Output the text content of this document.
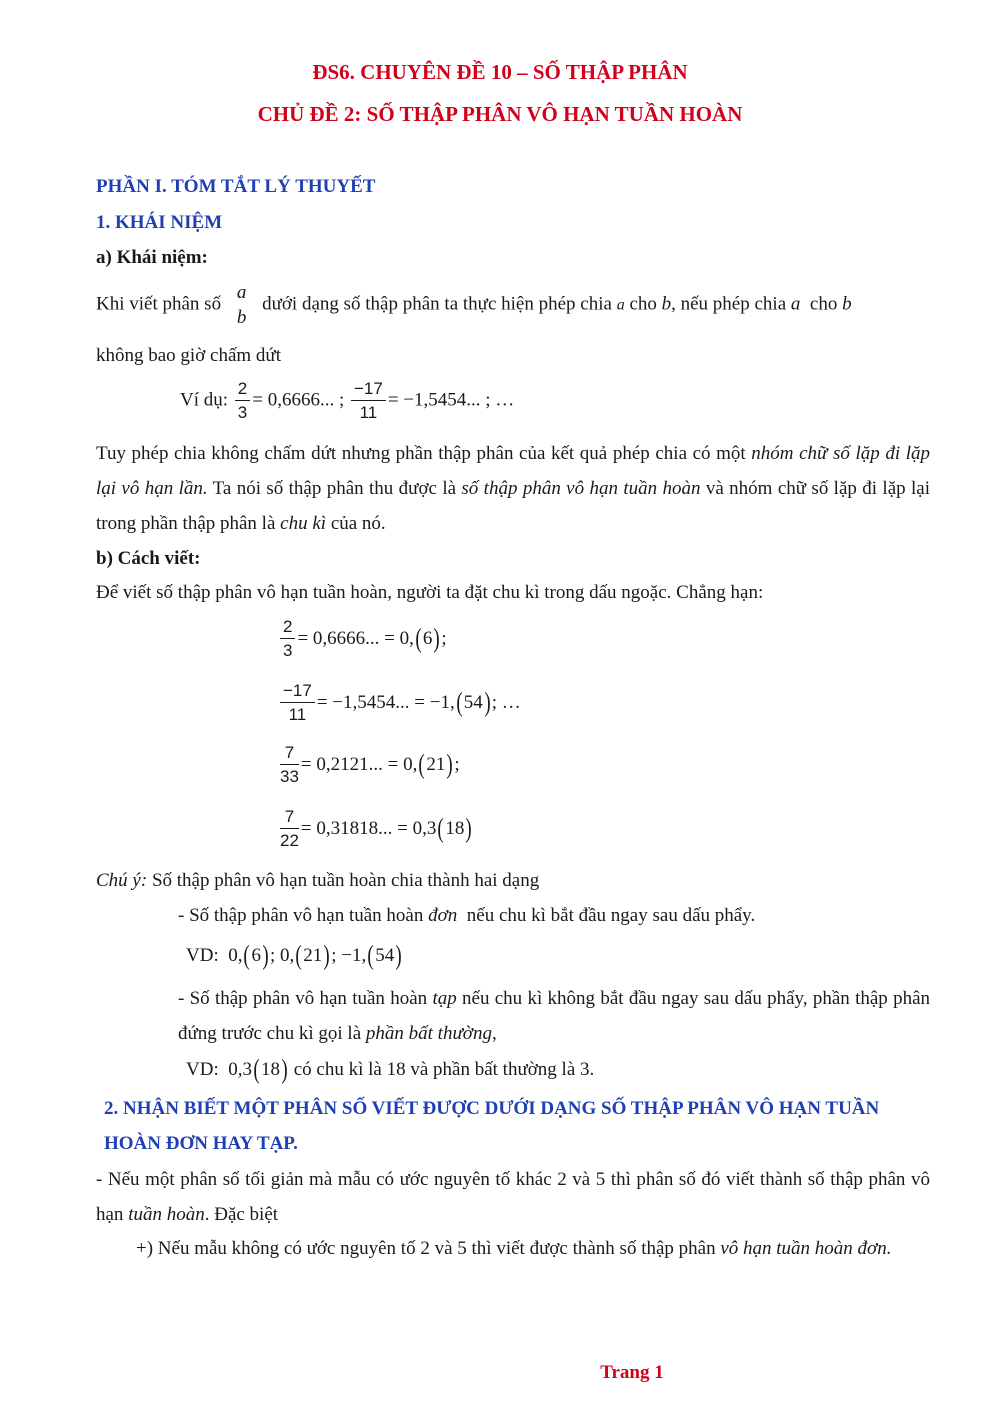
ĐS6. CHUYÊN ĐỀ 10 – SỐ THẬP PHÂN
CHỦ ĐỀ 2: SỐ THẬP PHÂN VÔ HẠN TUẦN HOÀN
PHẦN I. TÓM TẮT LÝ THUYẾT
1. KHÁI NIỆM
a) Khái niệm:
Khi viết phân số
a
b
dưới dạng số thập phân ta thực hiện phép chia a cho b, nếu phép chia a cho b
không bao giờ chấm dứt
Ví dụ: $\frac{2}{3} = 0,6666$... ; $\frac{-17}{11} = -1,5454$... ; …
Tuy phép chia không chấm dứt nhưng phần thập phân của kết quả phép chia có một nhóm chữ số lặp đi lặp lại vô hạn lần. Ta nói số thập phân thu được là số thập phân vô hạn tuần hoàn và nhóm chữ số lặp đi lặp lại trong phần thập phân là chu kì của nó.
b) Cách viết:
Để viết số thập phân vô hạn tuần hoàn, người ta đặt chu kì trong dấu ngoặc. Chẳng hạn:
$\frac{2}{3} = 0,6666$... = 0,(6);
$\frac{-17}{11} = -1,5454$... = −1,(54); …
$\frac{7}{33} = 0,2121$... = 0,(21);
$\frac{7}{22} = 0,31818$... = 0,3(18)
Chú ý: Số thập phân vô hạn tuần hoàn chia thành hai dạng
- Số thập phân vô hạn tuần hoàn đơn nếu chu kì bắt đầu ngay sau dấu phẩy.
VD: 0,(6); 0,(21); −1,(54)
- Số thập phân vô hạn tuần hoàn tạp nếu chu kì không bắt đầu ngay sau dấu phẩy, phần thập phân đứng trước chu kì gọi là phần bất thường,
VD: 0,3(18) có chu kì là 18 và phần bất thường là 3.
2. NHẬN BIẾT MỘT PHÂN SỐ VIẾT ĐƯỢC DƯỚI DẠNG SỐ THẬP PHÂN VÔ HẠN TUẦN
HOÀN ĐƠN HAY TẠP.
- Nếu một phân số tối giản mà mẫu có ước nguyên tố khác 2 và 5 thì phân số đó viết thành số thập phân vô hạn tuần hoàn. Đặc biệt
+) Nếu mẫu không có ước nguyên tố 2 và 5 thì viết được thành số thập phân vô hạn tuần hoàn đơn.
Trang 1
